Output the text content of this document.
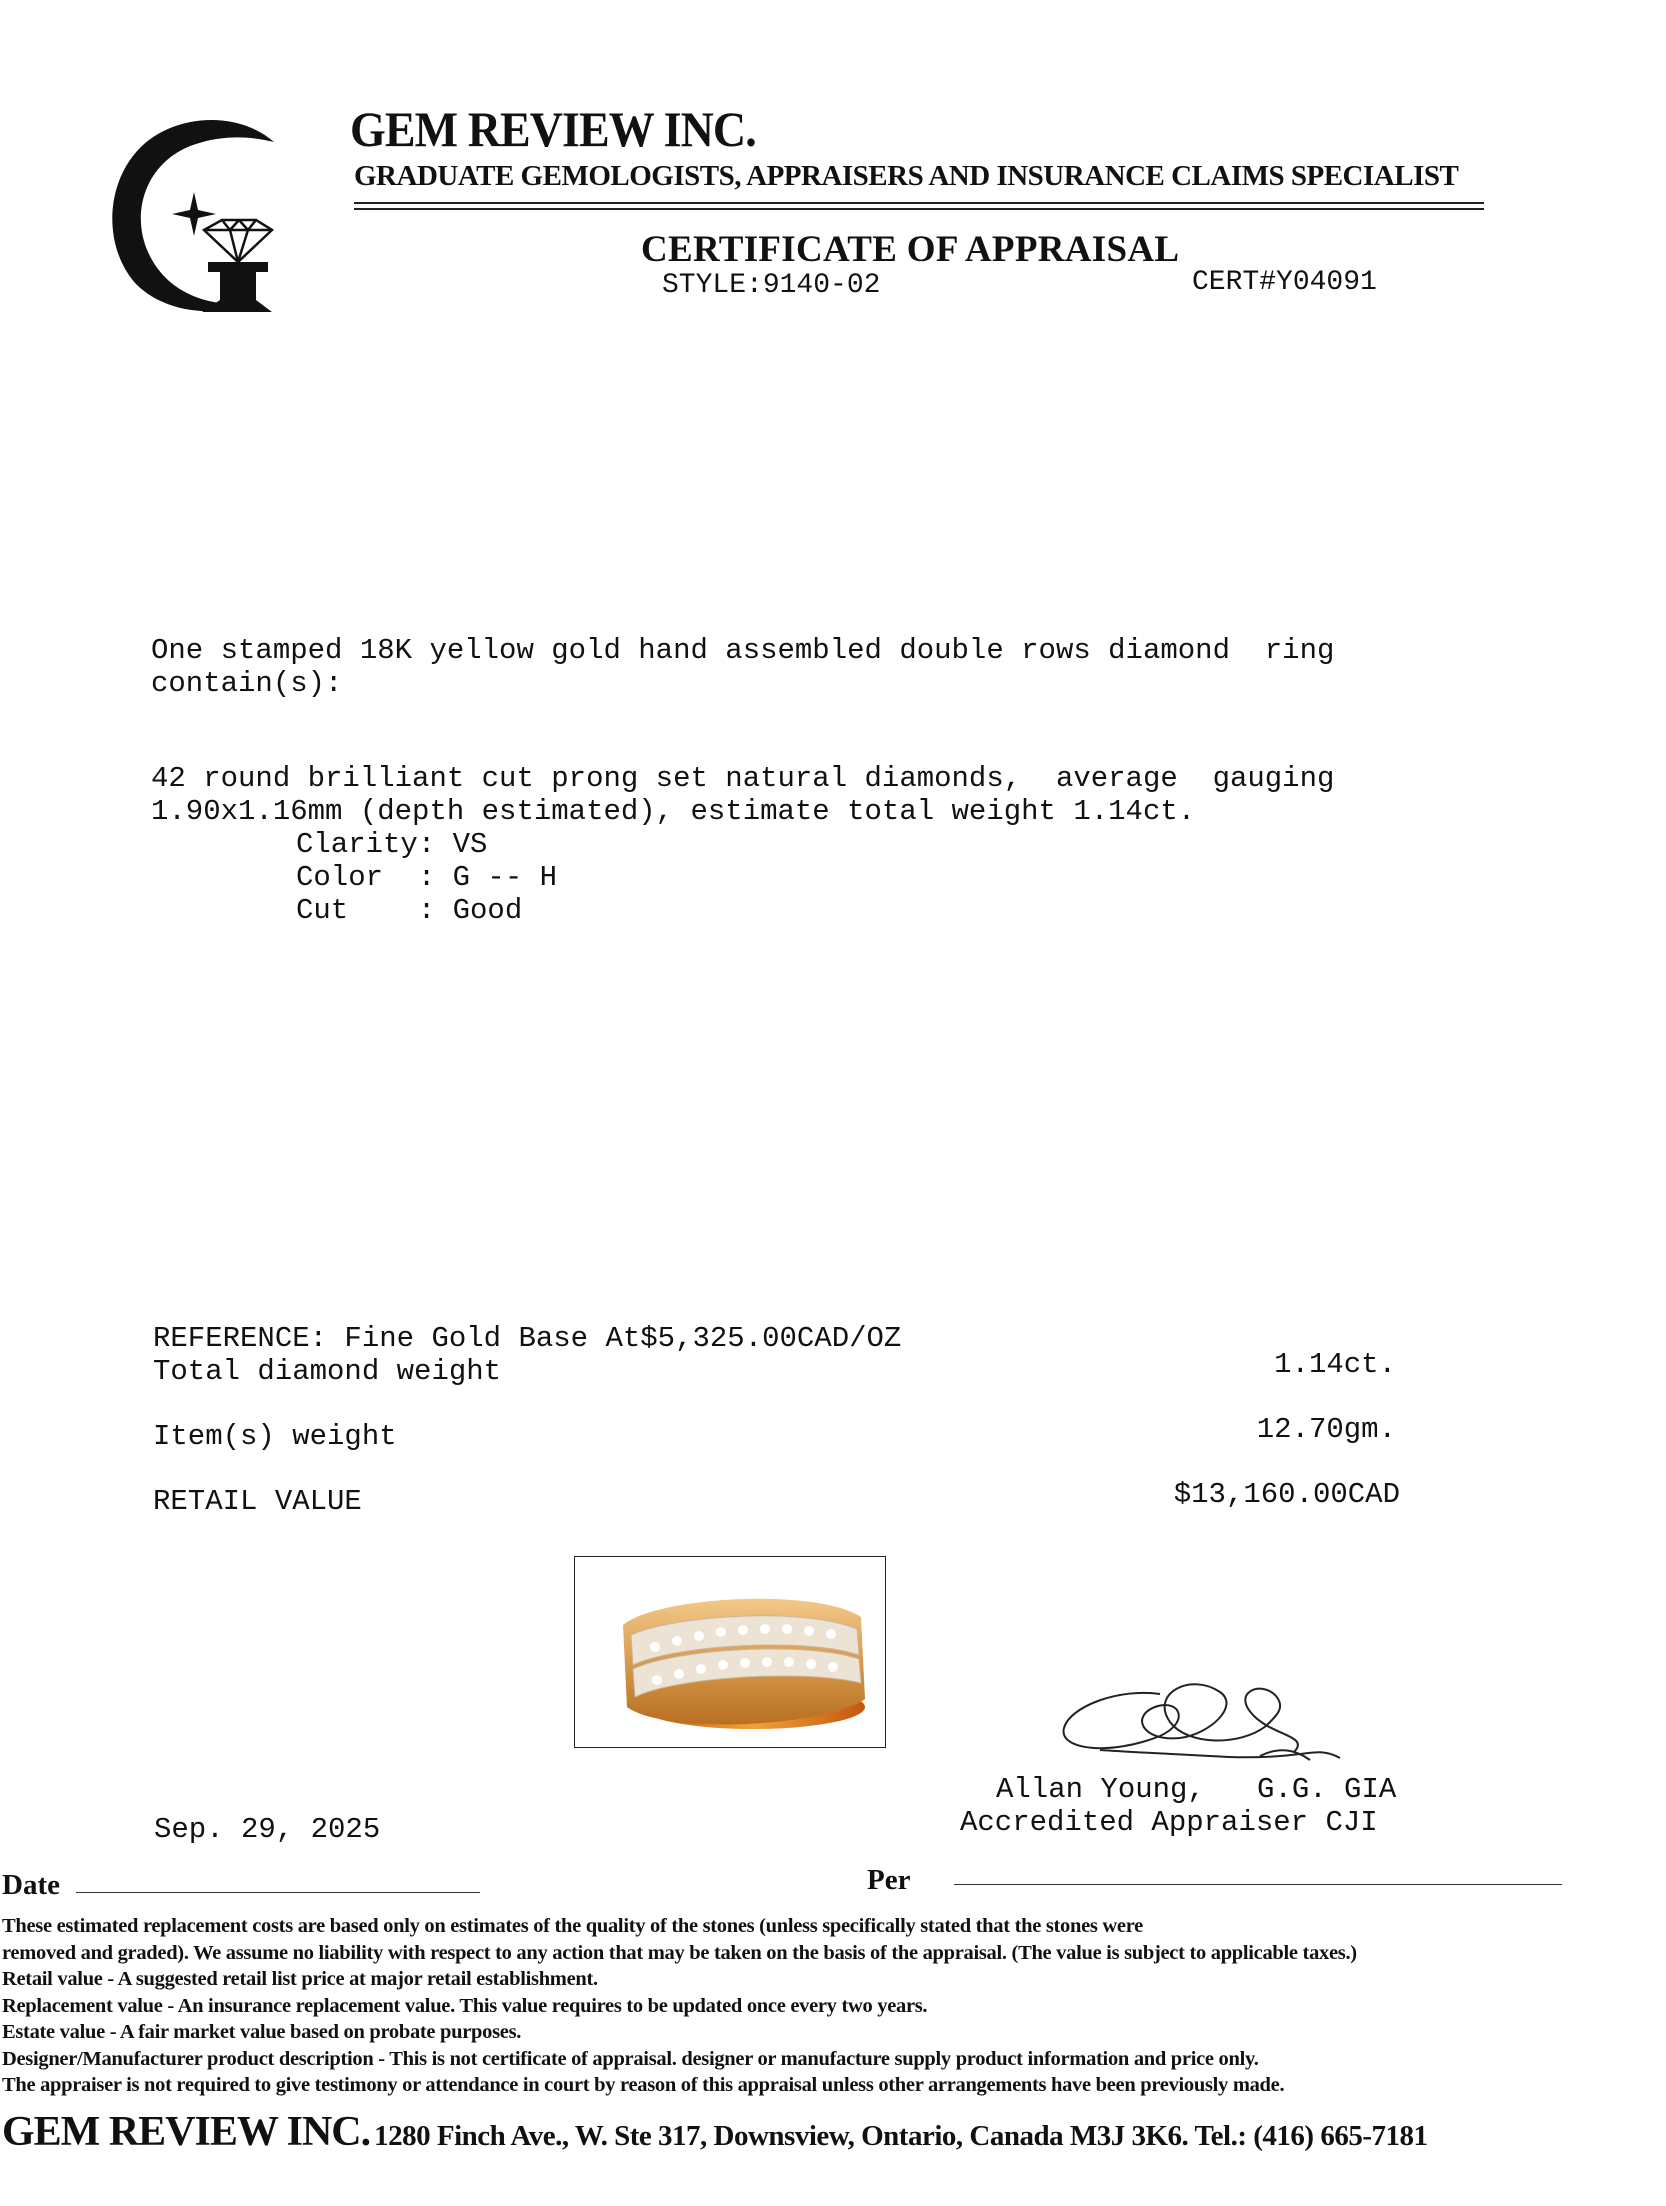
GEM REVIEW INC.
GRADUATE GEMOLOGISTS, APPRAISERS AND INSURANCE CLAIMS SPECIALIST
CERTIFICATE OF APPRAISAL
STYLE:9140-02	CERT#Y04091
One stamped 18K yellow gold hand assembled double rows diamond  ring
contain(s):
42 round brilliant cut prong set natural diamonds,  average  gauging
1.90x1.16mm (depth estimated), estimate total weight 1.14ct.
Clarity: VS
Color  : G -- H
Cut    : Good
REFERENCE: Fine Gold Base At$5,325.00CAD/OZ
Total diamond weight	1.14ct.
Item(s) weight	12.70gm.
RETAIL VALUE	$13,160.00CAD
Allan Young,   G.G. GIA
Accredited Appraiser CJI
Sep. 29, 2025
Date	Per
These estimated replacement costs are based only on estimates of the quality of the stones (unless specifically stated that the stones were
removed and graded). We assume no liability with respect to any action that may be taken on the basis of the appraisal. (The value is subject to applicable taxes.)
Retail value - A suggested retail list price at major retail establishment.
Replacement value - An insurance replacement value. This value requires to be updated once every two years.
Estate value - A fair market value based on probate purposes.
Designer/Manufacturer product description - This is not certificate of appraisal. designer or manufacture supply product information and price only.
The appraiser is not required to give testimony or attendance in court by reason of this appraisal unless other arrangements have been previously made.
GEM REVIEW INC. 1280 Finch Ave., W. Ste 317, Downsview, Ontario, Canada M3J 3K6. Tel.: (416) 665-7181
